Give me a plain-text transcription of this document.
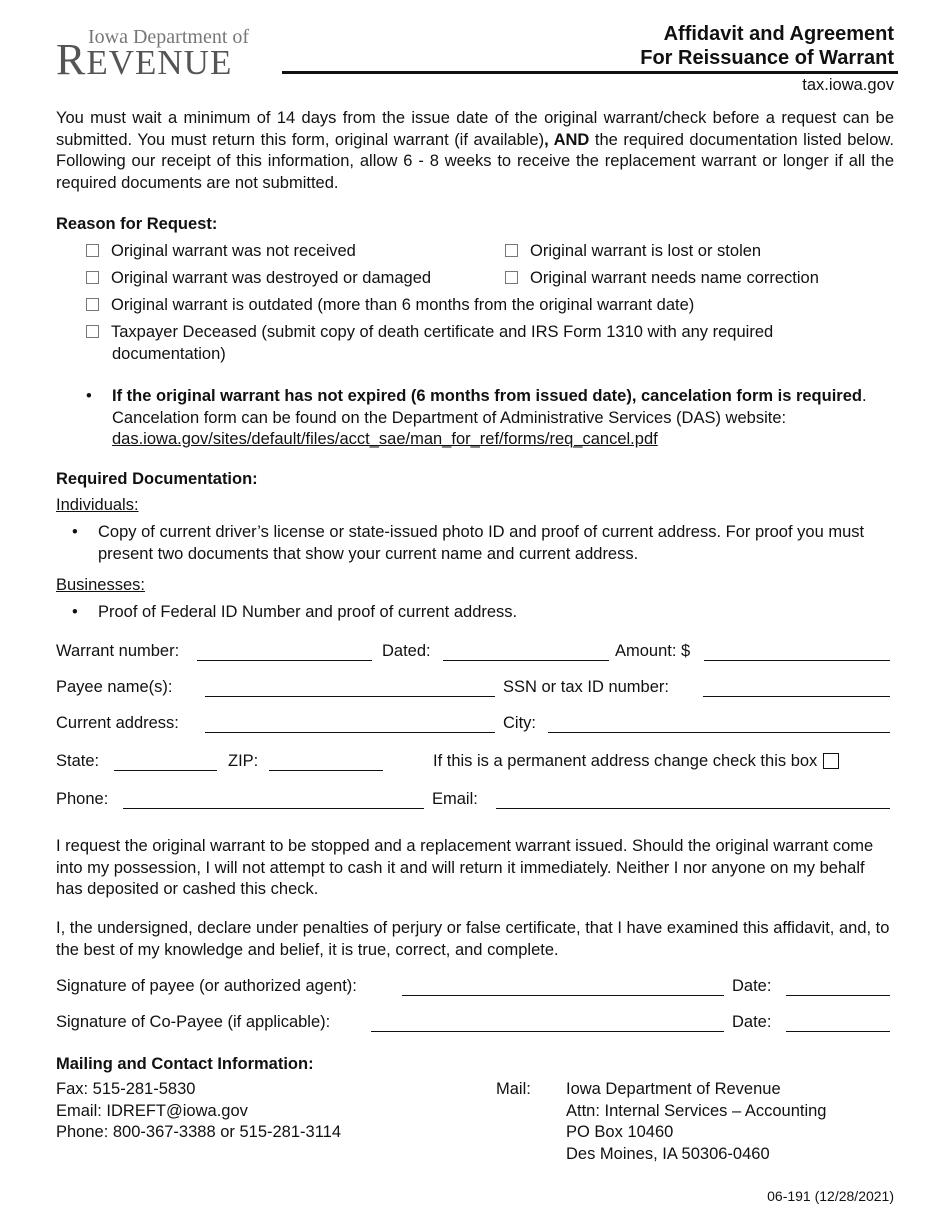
Iowa Department of
REVENUE
Affidavit and Agreement
For Reissuance of Warrant
tax.iowa.gov
You must wait a minimum of 14 days from the issue date of the original warrant/check before a request can be submitted. You must return this form, original warrant (if available), AND the required documentation listed below. Following our receipt of this information, allow 6 - 8 weeks to receive the replacement warrant or longer if all the required documents are not submitted.
Reason for Request:
Original warrant was not received	Original warrant is lost or stolen
Original warrant was destroyed or damaged	Original warrant needs name correction
Original warrant is outdated (more than 6 months from the original warrant date)
Taxpayer Deceased (submit copy of death certificate and IRS Form 1310 with any required documentation)
• If the original warrant has not expired (6 months from issued date), cancelation form is required. Cancelation form can be found on the Department of Administrative Services (DAS) website: das.iowa.gov/sites/default/files/acct_sae/man_for_ref/forms/req_cancel.pdf
Required Documentation:
Individuals:
• Copy of current driver’s license or state-issued photo ID and proof of current address. For proof you must present two documents that show your current name and current address.
Businesses:
• Proof of Federal ID Number and proof of current address.
Warrant number:	Dated:	Amount: $
Payee name(s):	SSN or tax ID number:
Current address:	City:
State:	ZIP:	If this is a permanent address change check this box
Phone:	Email:
I request the original warrant to be stopped and a replacement warrant issued. Should the original warrant come into my possession, I will not attempt to cash it and will return it immediately. Neither I nor anyone on my behalf has deposited or cashed this check.
I, the undersigned, declare under penalties of perjury or false certificate, that I have examined this affidavit, and, to the best of my knowledge and belief, it is true, correct, and complete.
Signature of payee (or authorized agent):	Date:
Signature of Co-Payee (if applicable):	Date:
Mailing and Contact Information:
Fax: 515-281-5830
Email: IDREFT@iowa.gov
Phone: 800-367-3388 or 515-281-3114
Mail: Iowa Department of Revenue
Attn: Internal Services – Accounting
PO Box 10460
Des Moines, IA 50306-0460
06-191 (12/28/2021)
